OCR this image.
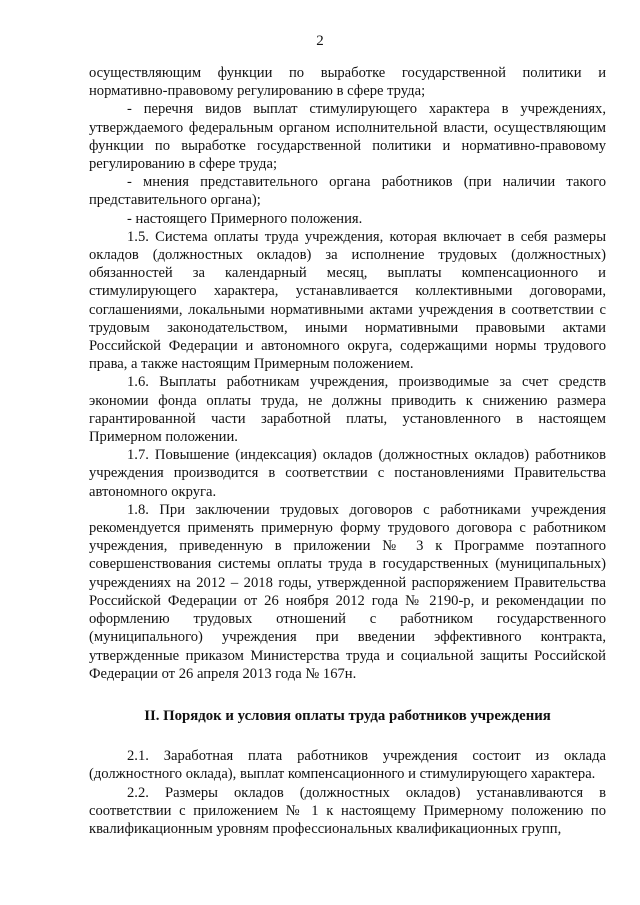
2

осуществляющим функции по выработке государственной политики и нормативно-правовому регулированию в сфере труда;

- перечня видов выплат стимулирующего характера в учреждениях, утверждаемого федеральным органом исполнительной власти, осуществляющим функции по выработке государственной политики и нормативно-правовому регулированию в сфере труда;

- мнения представительного органа работников (при наличии такого представительного органа);

- настоящего Примерного положения.

1.5. Система оплаты труда учреждения, которая включает в себя размеры окладов (должностных окладов) за исполнение трудовых (должностных) обязанностей за календарный месяц, выплаты компенсационного и стимулирующего характера, устанавливается коллективными договорами, соглашениями, локальными нормативными актами учреждения в соответствии с трудовым законодательством, иными нормативными правовыми актами Российской Федерации и автономного округа, содержащими нормы трудового права, а также настоящим Примерным положением.

1.6. Выплаты работникам учреждения, производимые за счет средств экономии фонда оплаты труда, не должны приводить к снижению размера гарантированной части заработной платы, установленного в настоящем Примерном положении.

1.7. Повышение (индексация) окладов (должностных окладов) работников учреждения производится в соответствии с постановлениями Правительства автономного округа.

1.8. При заключении трудовых договоров с работниками учреждения рекомендуется применять примерную форму трудового договора с работником учреждения, приведенную в приложении № 3 к Программе поэтапного совершенствования системы оплаты труда в государственных (муниципальных) учреждениях на 2012 – 2018 годы, утвержденной распоряжением Правительства Российской Федерации от 26 ноября 2012 года № 2190-р, и рекомендации по оформлению трудовых отношений с работником государственного (муниципального) учреждения при введении эффективного контракта, утвержденные приказом Министерства труда и социальной защиты Российской Федерации от 26 апреля 2013 года № 167н.

II. Порядок и условия оплаты труда работников учреждения

2.1. Заработная плата работников учреждения состоит из оклада (должностного оклада), выплат компенсационного и стимулирующего характера.

2.2. Размеры окладов (должностных окладов) устанавливаются в соответствии с приложением № 1 к настоящему Примерному положению по квалификационным уровням профессиональных квалификационных групп,
